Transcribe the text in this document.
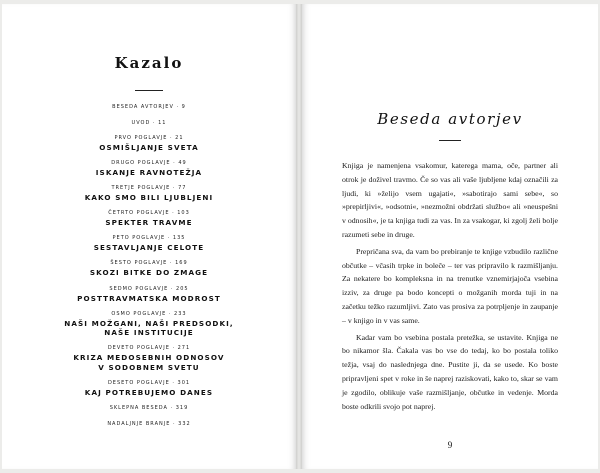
Kazalo
BESEDA AVTORJEV · 9
UVOD · 11
PRVO POGLAVJE · 21
OSMIŠLJANJE SVETA
DRUGO POGLAVJE · 49
ISKANJE RAVNOTEŽJA
TRETJE POGLAVJE · 77
KAKO SMO BILI LJUBLJENI
ČETRTO POGLAVJE · 103
SPEKTER TRAVME
PETO POGLAVJE · 135
SESTAVLJANJE CELOTE
ŠESTO POGLAVJE · 169
SKOZI BITKE DO ZMAGE
SEDMO POGLAVJE · 205
POSTTRAVMATSKA MODROST
OSMO POGLAVJE · 233
NAŠI MOŽGANI, NAŠI PREDSODKI,
NAŠE INSTITUCIJE
DEVETO POGLAVJE · 271
KRIZA MEDOSEBNIH ODNOSOV
V SODOBNEM SVETU
DESETO POGLAVJE · 301
KAJ POTREBUJEMO DANES
SKLEPNA BESEDA · 319
NADALJNJE BRANJE · 332
Beseda avtorjev

Knjiga je namenjena vsakomur, katerega mama, oče, partner ali otrok je doživel travmo. Če so vas ali vaše ljubljene kdaj označili za ljudi, ki »želijo vsem ugajati«, »sabotirajo sami sebe«, so »prepirljivi«, »odsotni«, »nezmožni obdržati službo« ali »neuspešni v odnosih«, je ta knjiga tudi za vas. In za vsakogar, ki zgolj želi bolje razumeti sebe in druge.

Prepričana sva, da vam bo prebiranje te knjige vzbudilo različne občutke – včasih trpke in boleče – ter vas pripravilo k razmišljanju. Za nekatere bo kompleksna in na trenutke vznemirjajoča vsebina izziv, za druge pa bodo koncepti o možganih morda tuji in na začetku težko razumljivi. Zato vas prosiva za potrpljenje in zaupanje – v knjigo in v vas same.

Kadar vam bo vsebina postala pretežka, se ustavite. Knjiga ne bo nikamor šla. Čakala vas bo vse do tedaj, ko bo postala toliko težja, vsaj do naslednjega dne. Pustite ji, da se usede. Ko boste pripravljeni spet v roke in še naprej raziskovati, kako to, skar se vam je zgodilo, oblikuje vaše razmišljanje, občutke in vedenje. Morda boste odkrili svojo pot naprej.

9
